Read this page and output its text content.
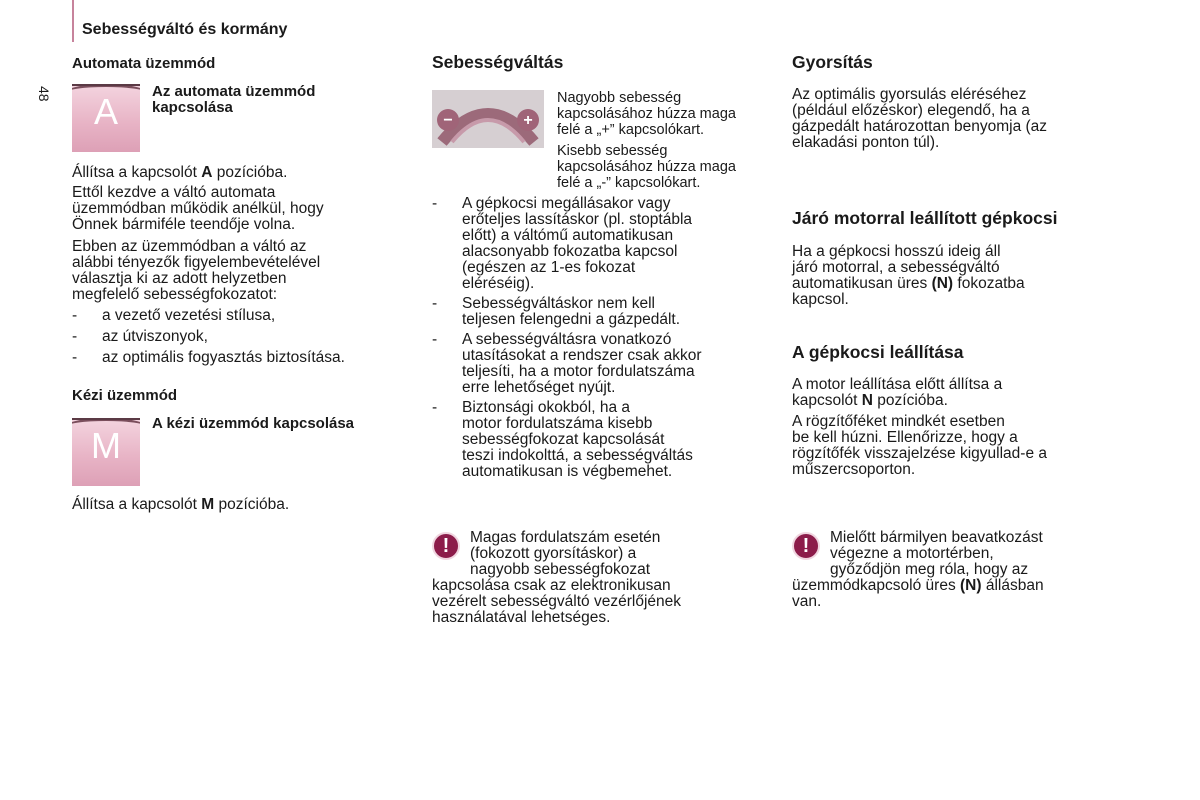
Sebességváltó és kormány
48

Automata üzemmód

A	Az automata üzemmód

kapcsolása

Állítsa a kapcsolót A pozícióba.

Ettől kezdve a váltó automata

üzemmódban működik anélkül, hogy

Önnek bármiféle teendője volna.

Ebben az üzemmódban a váltó az

alábbi tényezők figyelembevételével

választja ki az adott helyzetben

megfelelő sebességfokozatot:

- a vezető vezetési stílusa,
- az útviszonyok,
- az optimális fogyasztás biztosítása.

Kézi üzemmód

M

A kézi üzemmód kapcsolása

Állítsa a kapcsolót M pozícióba.

Sebességváltás

−	+

Nagyobb sebesség

kapcsolásához húzza maga

felé a „+” kapcsolókart.

Kisebb sebesség

kapcsolásához húzza maga

felé a „-” kapcsolókart.

- A gépkocsi megállásakor vagy

erőteljes lassításkor (pl. stoptábla

előtt) a váltómű automatikusan

alacsonyabb fokozatba kapcsol

(egészen az 1-es fokozat

eléréséig).

- Sebességváltáskor nem kell

teljesen felengedni a gázpedált.

- A sebességváltásra vonatkozó

utasításokat a rendszer csak akkor

teljesíti, ha a motor fordulatszáma

erre lehetőséget nyújt.

- Biztonsági okokból, ha a

motor fordulatszáma kisebb

sebességfokozat kapcsolását

teszi indokolttá, a sebességváltás

automatikusan is végbemehet.

!	Magas fordulatszám esetén

(fokozott gyorsításkor) a

nagyobb sebességfokozat

kapcsolása csak az elektronikusan

vezérelt sebességváltó vezérlőjének

használatával lehetséges.

Gyorsítás

Az optimális gyorsulás eléréséhez

(például előzéskor) elegendő, ha a

gázpedált határozottan benyomja (az

elakadási ponton túl).

Járó motorral leállított gépkocsi

Ha a gépkocsi hosszú ideig áll

járó motorral, a sebességváltó

automatikusan üres (N) fokozatba

kapcsol.

A gépkocsi leállítása

A motor leállítása előtt állítsa a

kapcsolót N pozícióba.

A rögzítőféket mindkét esetben

be kell húzni. Ellenőrizze, hogy a

rögzítőfék visszajelzése kigyullad-e a

műszercsoporton.

!	Mielőtt bármilyen beavatkozást

végezne a motortérben,

győződjön meg róla, hogy az

üzemmódkapcsoló üres (N) állásban

van.
